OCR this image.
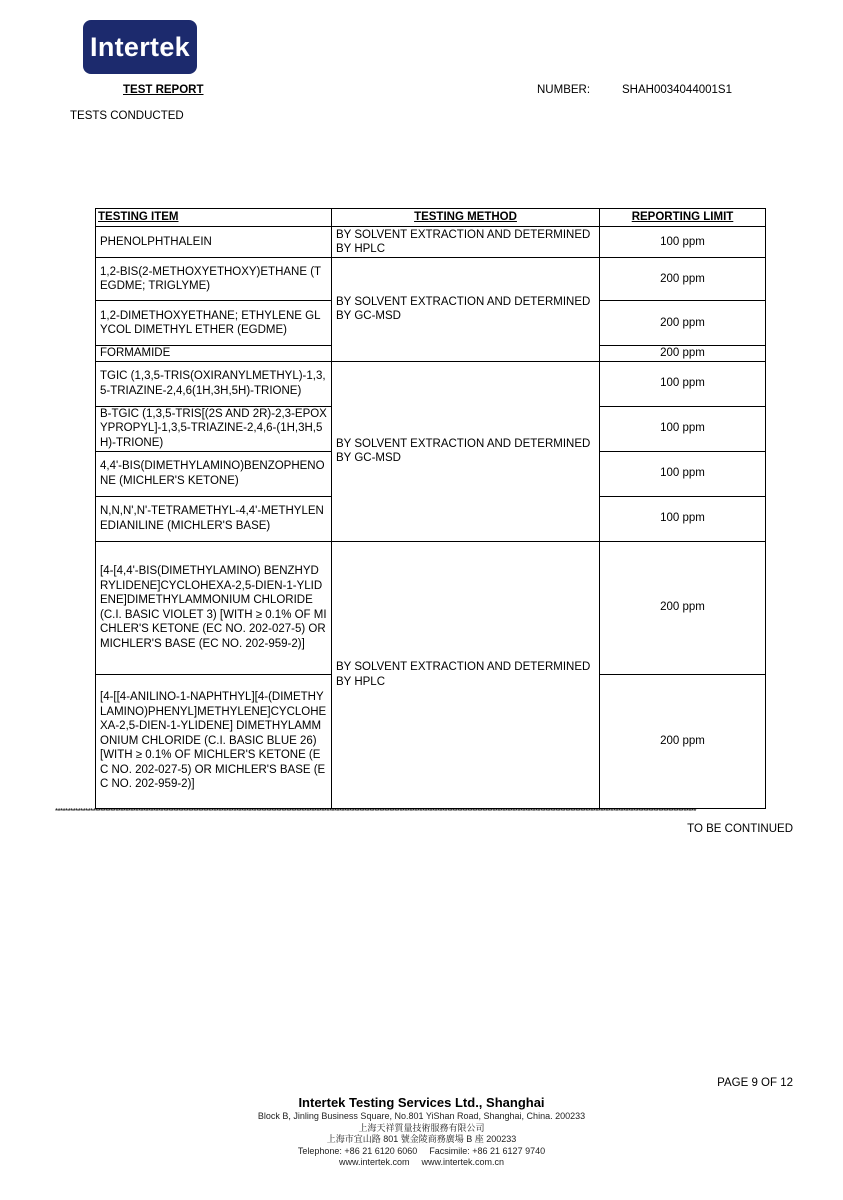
Intertek
TEST REPORT	NUMBER:	SHAH0034044001S1
TESTS CONDUCTED
TESTING ITEM	TESTING METHOD	REPORTING LIMIT
PHENOLPHTHALEIN	BY SOLVENT EXTRACTION AND DETERMINED BY HPLC	100 ppm
1,2-BIS(2-METHOXYETHOXY)ETHANE (TEGDME; TRIGLYME)	BY SOLVENT EXTRACTION AND DETERMINED BY GC-MSD	200 ppm
1,2-DIMETHOXYETHANE; ETHYLENE GLYCOL DIMETHYL ETHER (EGDME)		200 ppm
FORMAMIDE		200 ppm
TGIC (1,3,5-TRIS(OXIRANYLMETHYL)-1,3,5-TRIAZINE-2,4,6(1H,3H,5H)-TRIONE)	BY SOLVENT EXTRACTION AND DETERMINED BY GC-MSD	100 ppm
B-TGIC (1,3,5-TRIS[(2S AND 2R)-2,3-EPOXYPROPYL]-1,3,5-TRIAZINE-2,4,6-(1H,3H,5H)-TRIONE)		100 ppm
4,4'-BIS(DIMETHYLAMINO)BENZOPHENONE (MICHLER'S KETONE)		100 ppm
N,N,N',N'-TETRAMETHYL-4,4'-METHYLENEDIANILINE (MICHLER'S BASE)		100 ppm
[4-[4,4'-BIS(DIMETHYLAMINO) BENZHYDRYLIDENE]CYCLOHEXA-2,5-DIEN-1-YLIDENE]DIMETHYLAMMONIUM CHLORIDE (C.I. BASIC VIOLET 3) [WITH ≥ 0.1% OF MICHLER'S KETONE (EC NO. 202-027-5) OR MICHLER'S BASE (EC NO. 202-959-2)]	BY SOLVENT EXTRACTION AND DETERMINED BY HPLC	200 ppm
[4-[[4-ANILINO-1-NAPHTHYL][4-(DIMETHYLAMINO)PHENYL]METHYLENE]CYCLOHEXA-2,5-DIEN-1-YLIDENE] DIMETHYLAMMONIUM CHLORIDE (C.I. BASIC BLUE 26) [WITH ≥ 0.1% OF MICHLER'S KETONE (EC NO. 202-027-5) OR MICHLER'S BASE (EC NO. 202-959-2)]		200 ppm
***************************************************************************************************************************************************************************************************************************************************************
TO BE CONTINUED
PAGE 9 OF 12
Intertek Testing Services Ltd., Shanghai
Block B, Jinling Business Square, No.801 YiShan Road, Shanghai, China. 200233
上海天祥質量技術服務有限公司
上海市宜山路 801 號金陵商務廣場 B 座 200233
Telephone: +86 21 6120 6060 Facsimile: +86 21 6127 9740
www.intertek.com www.intertek.com.cn
